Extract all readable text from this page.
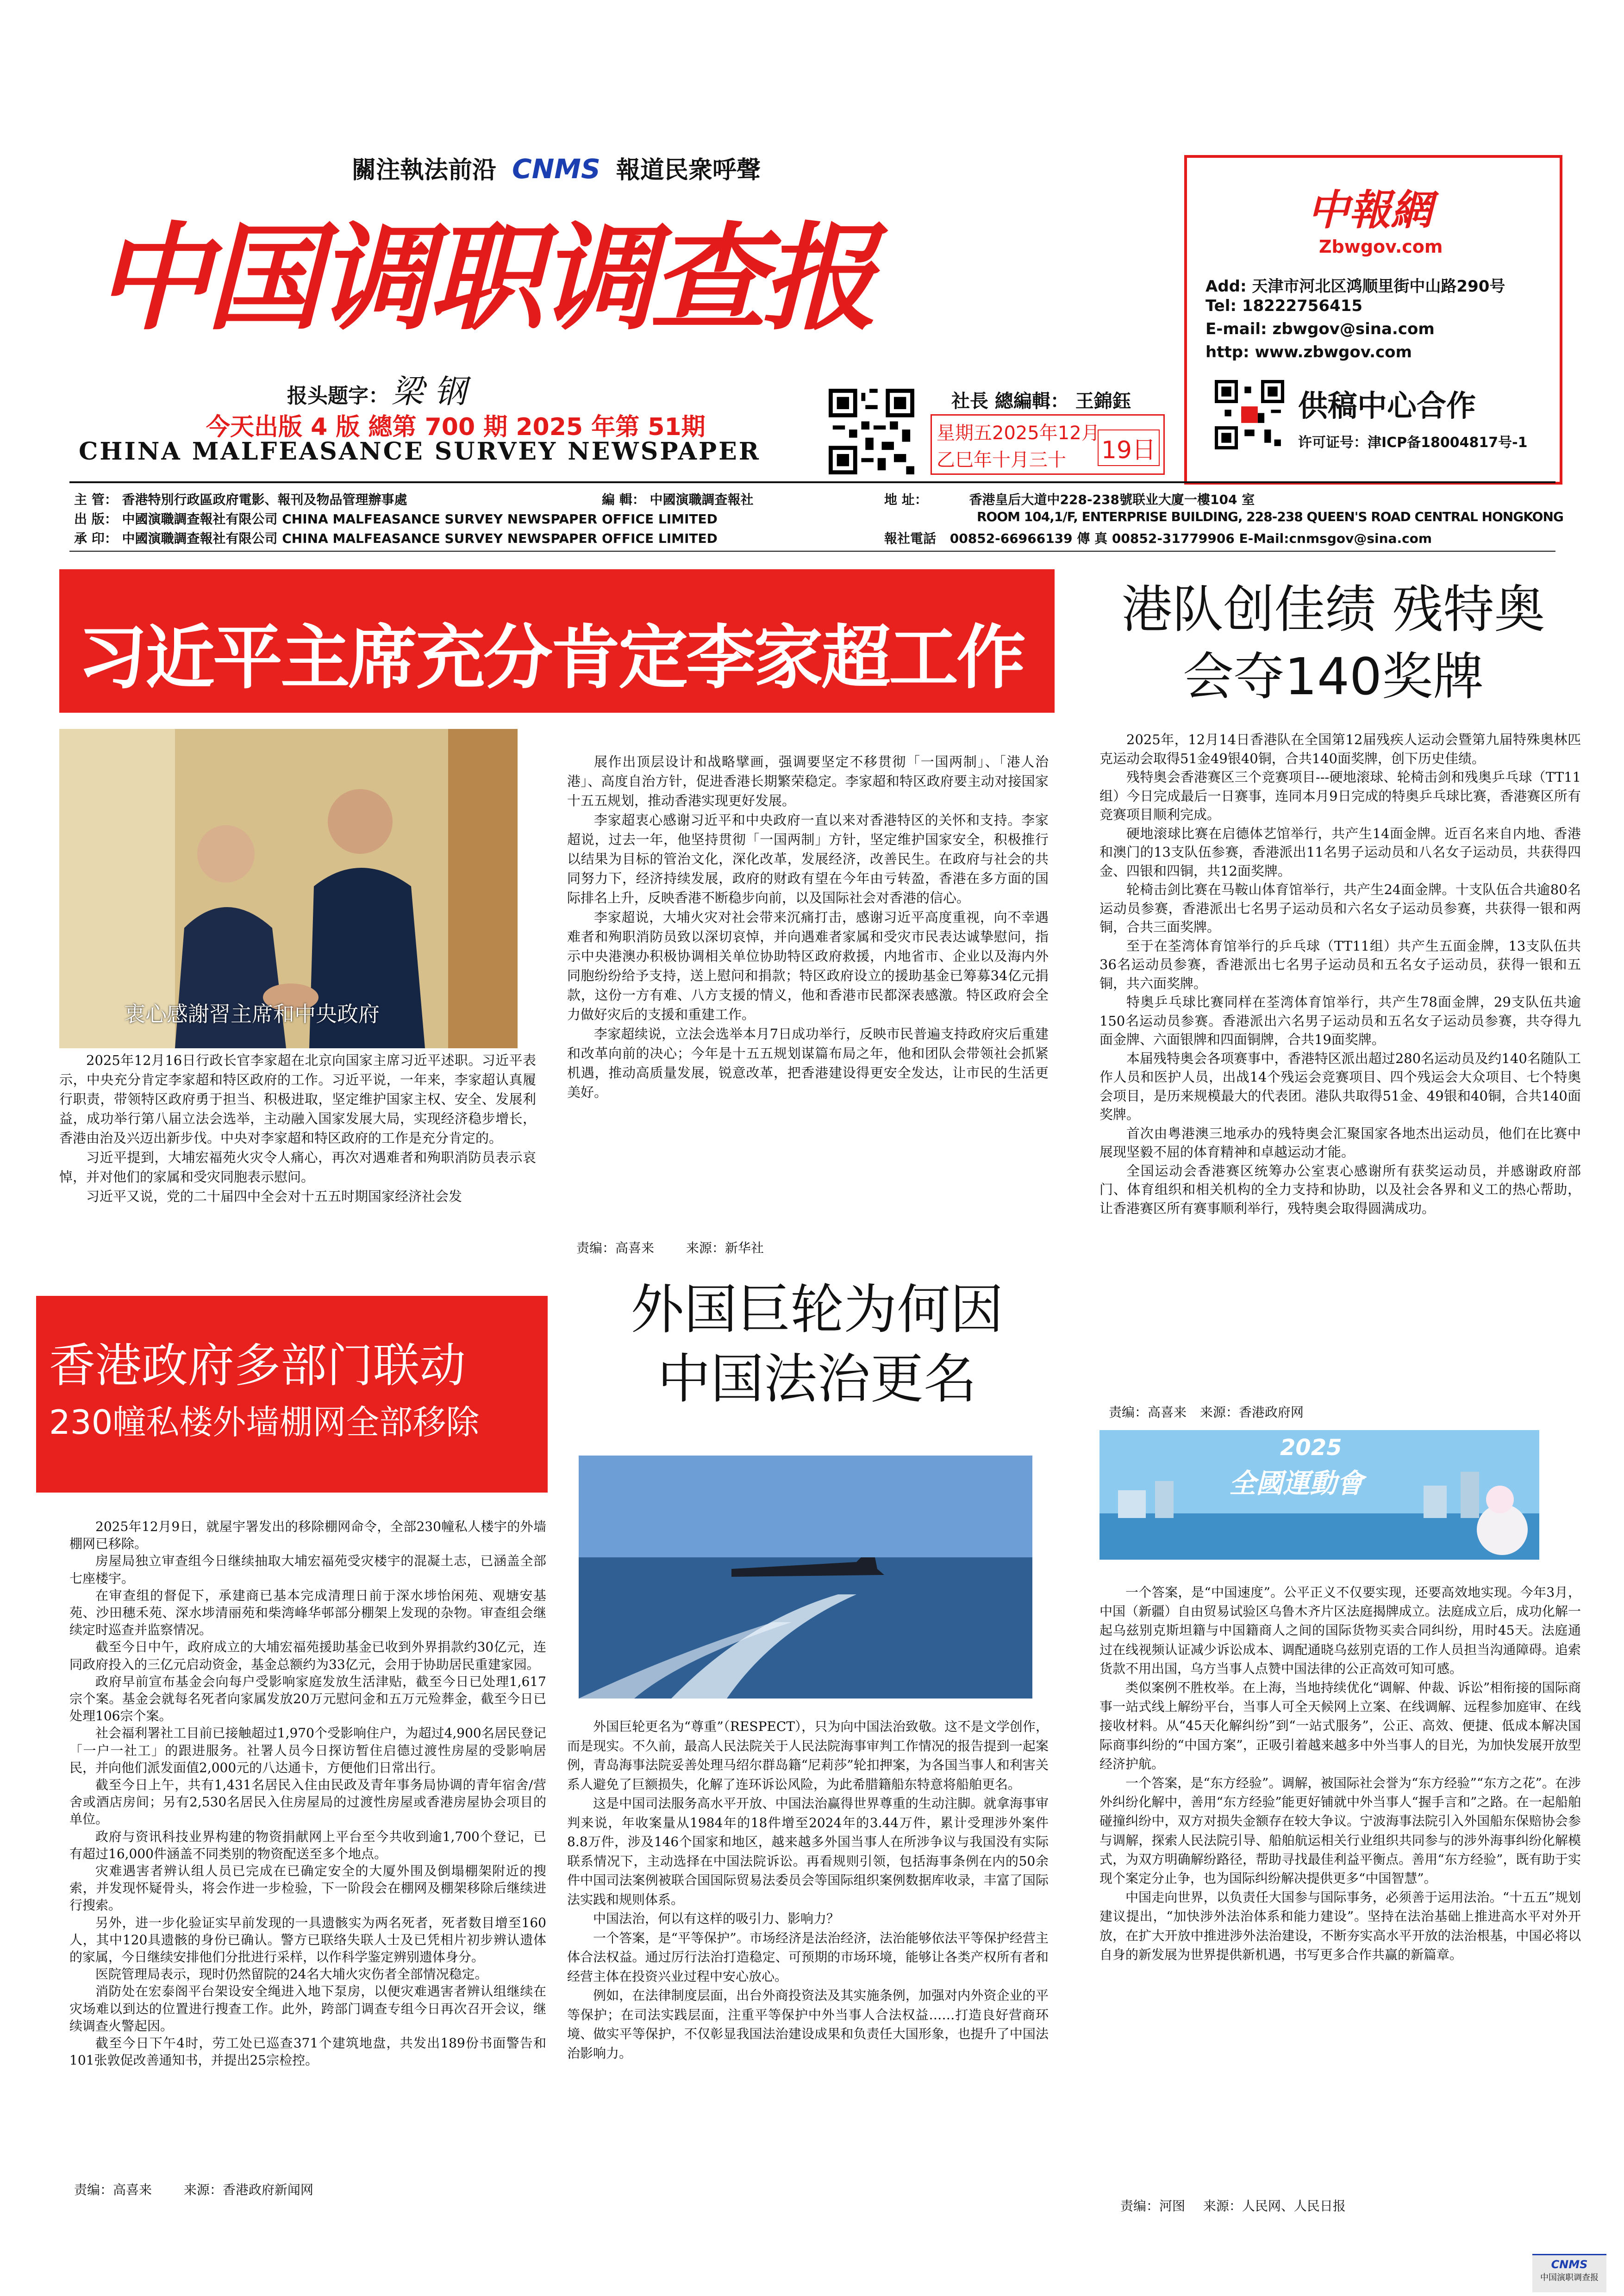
關注執法前沿 CNMS 報道民衆呼聲
中国调职调查报
报头题字： 梁 钢
今天出版 4 版 總第 700 期 2025 年第 51期
CHINA MALFEASANCE SURVEY NEWSPAPER
社長 總編輯： 王錦鈺
星期五2025年12月
乙巳年十月三十 19日
中報網
Zbwgov.com
Add: 天津市河北区鸿顺里街中山路290号
Tel: 18222756415
E-mail: zbwgov@sina.com
http: www.zbwgov.com
供稿中心合作
许可证号：津ICP备18004817号-1
主 管： 香港特別行政區政府電影、報刊及物品管理辦事處	編 輯： 中國演職調查報社	地 址：	香港皇后大道中228-238號联业大廈一樓104 室
出 版： 中國演職調查報社有限公司 CHINA MALFEASANCE SURVEY NEWSPAPER OFFICE LIMITED	ROOM 104,1/F, ENTERPRISE BUILDING, 228-238 QUEEN'S ROAD CENTRAL HONGKONG
承 印： 中國演職調查報社有限公司 CHINA MALFEASANCE SURVEY NEWSPAPER OFFICE LIMITED	報社電話 00852-66966139 傳 真 00852-31779906 E-Mail:cnmsgov@sina.com
习近平主席充分肯定李家超工作
衷心感謝習主席和中央政府

2025年12月16日行政长官李家超在北京向国家主席习近平述职。习近平表示，中央充分肯定李家超和特区政府的工作。习近平说，一年来，李家超认真履行职责，带领特区政府勇于担当、积极进取，坚定维护国家主权、安全、发展利益，成功举行第八届立法会选举，主动融入国家发展大局，实现经济稳步增长，香港由治及兴迈出新步伐。中央对李家超和特区政府的工作是充分肯定的。

习近平提到，大埔宏福苑火灾令人痛心，再次对遇难者和殉职消防员表示哀悼，并对他们的家属和受灾同胞表示慰问。

习近平又说，党的二十届四中全会对十五五时期国家经济社会发

展作出顶层设计和战略擘画，强调要坚定不移贯彻「一国两制」、「港人治港」、高度自治方针，促进香港长期繁荣稳定。李家超和特区政府要主动对接国家十五五规划，推动香港实现更好发展。

李家超衷心感谢习近平和中央政府一直以来对香港特区的关怀和支持。李家超说，过去一年，他坚持贯彻「一国两制」方针，坚定维护国家安全，积极推行以结果为目标的管治文化，深化改革，发展经济，改善民生。在政府与社会的共同努力下，经济持续发展，政府的财政有望在今年由亏转盈，香港在多方面的国际排名上升，反映香港不断稳步向前，以及国际社会对香港的信心。

李家超说，大埔火灾对社会带来沉痛打击，感谢习近平高度重视，向不幸遇难者和殉职消防员致以深切哀悼，并向遇难者家属和受灾市民表达诚挚慰问，指示中央港澳办积极协调相关单位协助特区政府救援，内地省市、企业以及海内外同胞纷纷给予支持，送上慰问和捐款；特区政府设立的援助基金已筹募34亿元捐款，这份一方有难、八方支援的情义，他和香港市民都深表感激。特区政府会全力做好灾后的支援和重建工作。

李家超续说，立法会选举本月7日成功举行，反映市民普遍支持政府灾后重建和改革向前的决心；今年是十五五规划谋篇布局之年，他和团队会带领社会抓紧机遇，推动高质量发展，锐意改革，把香港建设得更安全发达，让市民的生活更美好。

责编：高喜来 来源：新华社
港队创佳绩 残特奥
会夺140奖牌

2025年，12月14日香港队在全国第12届残疾人运动会暨第九届特殊奥林匹克运动会取得51金49银40铜，合共140面奖牌，创下历史佳绩。

残特奥会香港赛区三个竞赛项目---硬地滚球、轮椅击剑和残奥乒乓球（TT11组）今日完成最后一日赛事，连同本月9日完成的特奥乒乓球比赛，香港赛区所有竞赛项目顺利完成。

硬地滚球比赛在启德体艺馆举行，共产生14面金牌。近百名来自内地、香港和澳门的13支队伍参赛，香港派出11名男子运动员和八名女子运动员，共获得四金、四银和四铜，共12面奖牌。

轮椅击剑比赛在马鞍山体育馆举行，共产生24面金牌。十支队伍合共逾80名运动员参赛，香港派出七名男子运动员和六名女子运动员参赛，共获得一银和两铜，合共三面奖牌。

至于在荃湾体育馆举行的乒乓球（TT11组）共产生五面金牌，13支队伍共36名运动员参赛，香港派出七名男子运动员和五名女子运动员，获得一银和五铜，共六面奖牌。

特奥乒乓球比赛同样在荃湾体育馆举行，共产生78面金牌，29支队伍共逾150名运动员参赛。香港派出六名男子运动员和五名女子运动员参赛，共夺得九面金牌、六面银牌和四面铜牌，合共19面奖牌。

本届残特奥会各项赛事中，香港特区派出超过280名运动员及约140名随队工作人员和医护人员，出战14个残运会竞赛项目、四个残运会大众项目、七个特奥会项目，是历来规模最大的代表团。港队共取得51金、49银和40铜，合共140面奖牌。

首次由粤港澳三地承办的残特奥会汇聚国家各地杰出运动员，他们在比赛中展现坚毅不屈的体育精神和卓越运动才能。

全国运动会香港赛区统筹办公室衷心感谢所有获奖运动员，并感谢政府部门、体育组织和相关机构的全力支持和协助，以及社会各界和义工的热心帮助，让香港赛区所有赛事顺利举行，残特奥会取得圆满成功。

责编：高喜来 来源：香港政府网
2025
全國運動會
香港政府多部门联动
230幢私楼外墙棚网全部移除

2025年12月9日，就屋宇署发出的移除棚网命令，全部230幢私人楼宇的外墙棚网已移除。

房屋局独立审查组今日继续抽取大埔宏福苑受灾楼宇的混凝土志，已涵盖全部七座楼宇。

在审查组的督促下，承建商已基本完成清理日前于深水埗怡闲苑、观塘安基苑、沙田穗禾苑、深水埗清丽苑和柴湾峰华邨部分棚架上发现的杂物。审查组会继续定时巡查并监察情况。

截至今日中午，政府成立的大埔宏福苑援助基金已收到外界捐款约30亿元，连同政府投入的三亿元启动资金，基金总额约为33亿元，会用于协助居民重建家园。

政府早前宣布基金会向每户受影响家庭发放生活津贴，截至今日已处理1,617宗个案。基金会就每名死者向家属发放20万元慰问金和五万元殓葬金，截至今日已处理106宗个案。

社会福利署社工目前已接触超过1,970个受影响住户，为超过4,900名居民登记「一户一社工」的跟进服务。社署人员今日探访暂住启德过渡性房屋的受影响居民，并向他们派发面值2,000元的八达通卡，方便他们日常出行。

截至今日上午，共有1,431名居民入住由民政及青年事务局协调的青年宿舍/营舍或酒店房间；另有2,530名居民入住房屋局的过渡性房屋或香港房屋协会项目的单位。

政府与资讯科技业界构建的物资捐献网上平台至今共收到逾1,700个登记，已有超过16,000件涵盖不同类别的物资配送至多个地点。

灾难遇害者辨认组人员已完成在已确定安全的大厦外围及倒塌棚架附近的搜索，并发现怀疑骨头，将会作进一步检验，下一阶段会在棚网及棚架移除后继续进行搜索。

另外，进一步化验证实早前发现的一具遗骸实为两名死者，死者数目增至160人，其中120具遗骸的身份已确认。警方已联络失联人士及已凭相片初步辨认遗体的家属，今日继续安排他们分批进行采样，以作科学鉴定辨别遗体身分。

医院管理局表示，现时仍然留院的24名大埔火灾伤者全部情况稳定。

消防处在宏泰阁平台架设安全绳进入地下泵房，以便灾难遇害者辨认组继续在灾场难以到达的位置进行搜查工作。此外，跨部门调查专组今日再次召开会议，继续调查火警起因。

截至今日下午4时，劳工处已巡查371个建筑地盘，共发出189份书面警告和101张敦促改善通知书，并提出25宗检控。

责编：高喜来 来源：香港政府新闻网
外国巨轮为何因
中国法治更名

外国巨轮更名为“尊重”（RESPECT），只为向中国法治致敬。这不是文学创作，而是现实。不久前，最高人民法院关于人民法院海事审判工作情况的报告提到一起案例，青岛海事法院妥善处理马绍尔群岛籍“尼莉莎”轮扣押案，为各国当事人和利害关系人避免了巨额损失，化解了连环诉讼风险，为此希腊籍船东特意将船舶更名。

这是中国司法服务高水平开放、中国法治赢得世界尊重的生动注脚。就拿海事审判来说，年收案量从1984年的18件增至2024年的3.44万件，累计受理涉外案件8.8万件，涉及146个国家和地区，越来越多外国当事人在所涉争议与我国没有实际联系情况下，主动选择在中国法院诉讼。再看规则引领，包括海事条例在内的50余件中国司法案例被联合国国际贸易法委员会等国际组织案例数据库收录，丰富了国际法实践和规则体系。

中国法治，何以有这样的吸引力、影响力？

一个答案，是“平等保护”。市场经济是法治经济，法治能够依法平等保护经营主体合法权益。通过厉行法治打造稳定、可预期的市场环境，能够让各类产权所有者和经营主体在投资兴业过程中安心放心。

例如，在法律制度层面，出台外商投资法及其实施条例，加强对内外资企业的平等保护；在司法实践层面，注重平等保护中外当事人合法权益……打造良好营商环境、做实平等保护，不仅彰显我国法治建设成果和负责任大国形象，也提升了中国法治影响力。

一个答案，是“中国速度”。公平正义不仅要实现，还要高效地实现。今年3月，中国（新疆）自由贸易试验区乌鲁木齐片区法庭揭牌成立。法庭成立后，成功化解一起乌兹别克斯坦籍与中国籍商人之间的国际货物买卖合同纠纷，用时45天。法庭通过在线视频认证减少诉讼成本、调配通晓乌兹别克语的工作人员担当沟通障碍。追索货款不用出国，乌方当事人点赞中国法律的公正高效可知可感。

类似案例不胜枚举。在上海，当地持续优化“调解、仲裁、诉讼”相衔接的国际商事一站式线上解纷平台，当事人可全天候网上立案、在线调解、远程参加庭审、在线接收材料。从“45天化解纠纷”到“一站式服务”，公正、高效、便捷、低成本解决国际商事纠纷的“中国方案”，正吸引着越来越多中外当事人的目光，为加快发展开放型经济护航。

一个答案，是“东方经验”。调解，被国际社会誉为“东方经验”“东方之花”。在涉外纠纷化解中，善用“东方经验”能更好铺就中外当事人“握手言和”之路。在一起船舶碰撞纠纷中，双方对损失金额存在较大争议。宁波海事法院引入外国船东保赔协会参与调解，探索人民法院引导、船舶航运相关行业组织共同参与的涉外海事纠纷化解模式，为双方明确解纷路径，帮助寻找最佳利益平衡点。善用“东方经验”，既有助于实现个案定分止争，也为国际纠纷解决提供更多“中国智慧”。

中国走向世界，以负责任大国参与国际事务，必须善于运用法治。“十五五”规划建议提出，“加快涉外法治体系和能力建设”。坚持在法治基础上推进高水平对外开放，在扩大开放中推进涉外法治建设，不断夯实高水平开放的法治根基，中国必将以自身的新发展为世界提供新机遇，书写更多合作共赢的新篇章。

责编：河图 来源：人民网、人民日报
CNMS
中国演职调查报
